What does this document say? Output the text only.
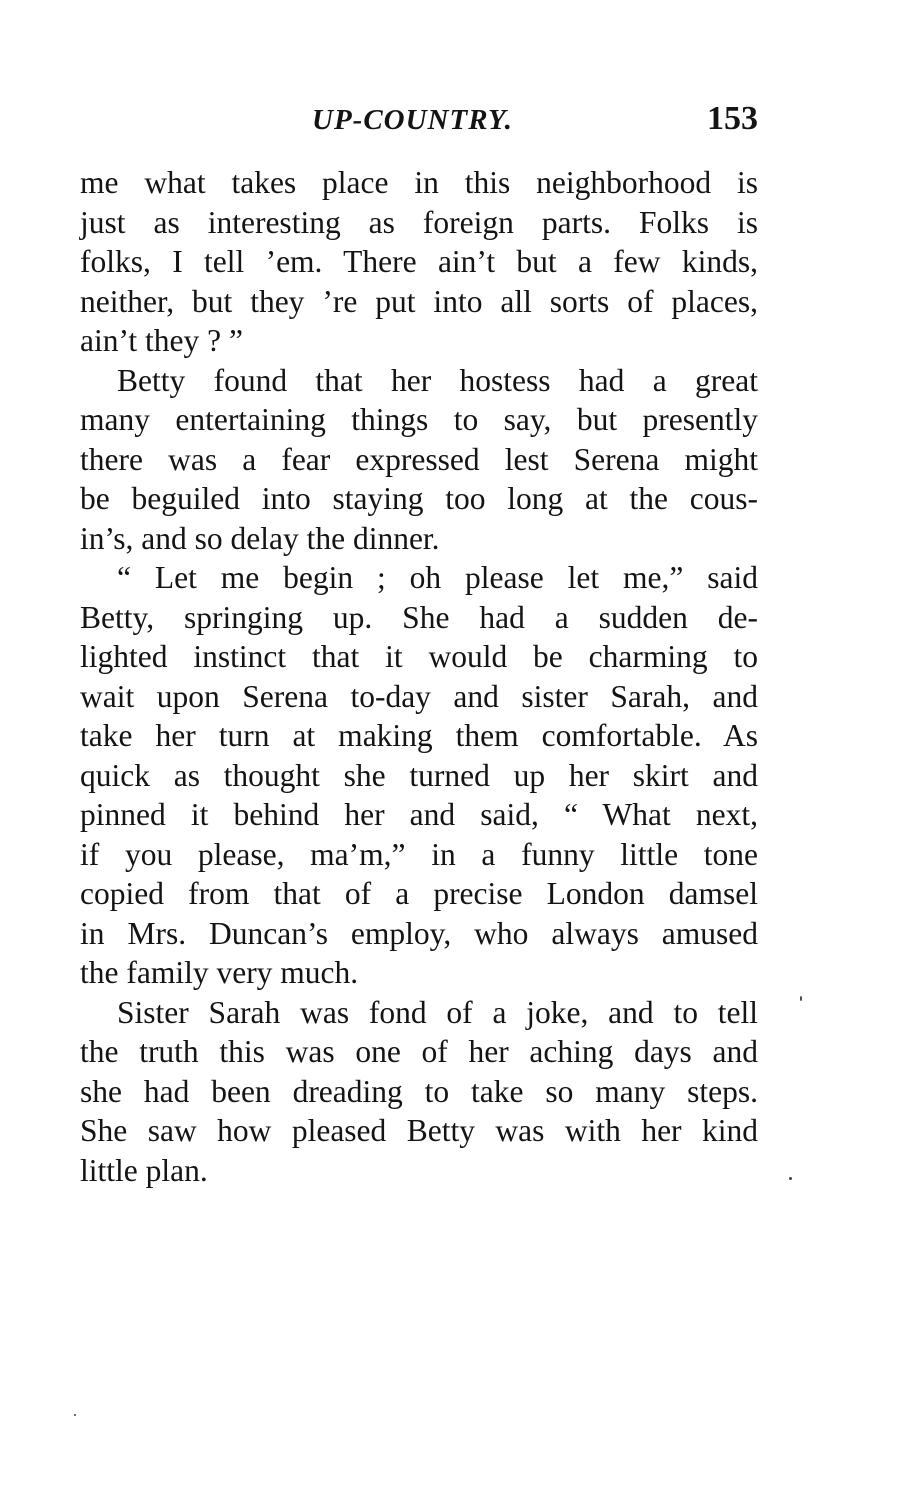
UP-COUNTRY.	153
me what takes place in this neighborhood is
just as interesting as foreign parts. Folks is
folks, I tell ’em. There ain’t but a few kinds,
neither, but they ’re put into all sorts of places,
ain’t they ? ”
Betty found that her hostess had a great
many entertaining things to say, but presently
there was a fear expressed lest Serena might
be beguiled into staying too long at the cous-
in’s, and so delay the dinner.
“ Let me begin ; oh please let me,” said
Betty, springing up. She had a sudden de-
lighted instinct that it would be charming to
wait upon Serena to-day and sister Sarah, and
take her turn at making them comfortable. As
quick as thought she turned up her skirt and
pinned it behind her and said, “ What next,
if you please, ma’m,” in a funny little tone
copied from that of a precise London damsel
in Mrs. Duncan’s employ, who always amused
the family very much.
Sister Sarah was fond of a joke, and to tell
the truth this was one of her aching days and
she had been dreading to take so many steps.
She saw how pleased Betty was with her kind
little plan.
